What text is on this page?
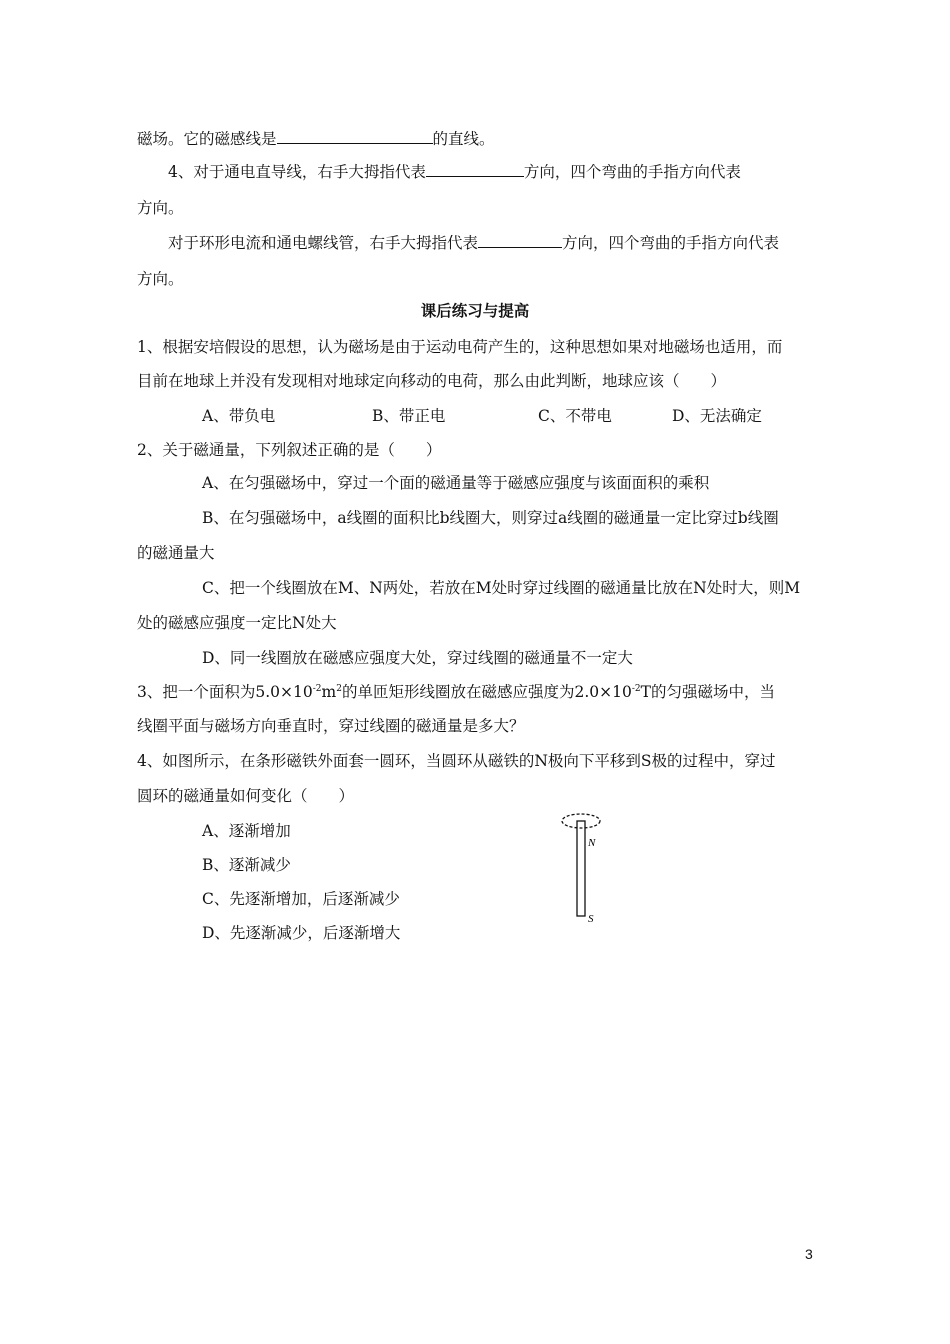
磁场。它的磁感线是	的直线。
4、对于通电直导线，右手大拇指代表	方向，四个弯曲的手指方向代表
方向。
对于环形电流和通电螺线管，右手大拇指代表	方向，四个弯曲的手指方向代表
方向。
课后练习与提高
1、根据安培假设的思想，认为磁场是由于运动电荷产生的，这种思想如果对地磁场也适用，而
目前在地球上并没有发现相对地球定向移动的电荷，那么由此判断，地球应该（　　）
A、带负电	B、带正电	C、不带电	D、无法确定
2、关于磁通量，下列叙述正确的是（　　）
A、在匀强磁场中，穿过一个面的磁通量等于磁感应强度与该面面积的乘积
B、在匀强磁场中，a线圈的面积比b线圈大，则穿过a线圈的磁通量一定比穿过b线圈
的磁通量大
C、把一个线圈放在M、N两处，若放在M处时穿过线圈的磁通量比放在N处时大，则M
处的磁感应强度一定比N处大
D、同一线圈放在磁感应强度大处，穿过线圈的磁通量不一定大
3、把一个面积为$5.0\times 10^{-2}m^2$的单匝矩形线圈放在磁感应强度为$2.0\times 10^{-2}T$的匀强磁场中，当
线圈平面与磁场方向垂直时，穿过线圈的磁通量是多大？
4、如图所示，在条形磁铁外面套一圆环，当圆环从磁铁的N极向下平移到S极的过程中，穿过
圆环的磁通量如何变化（　　）
A、逐渐增加
B、逐渐减少
C、先逐渐增加，后逐渐减少
D、先逐渐减少，后逐渐增大
N
S
3
